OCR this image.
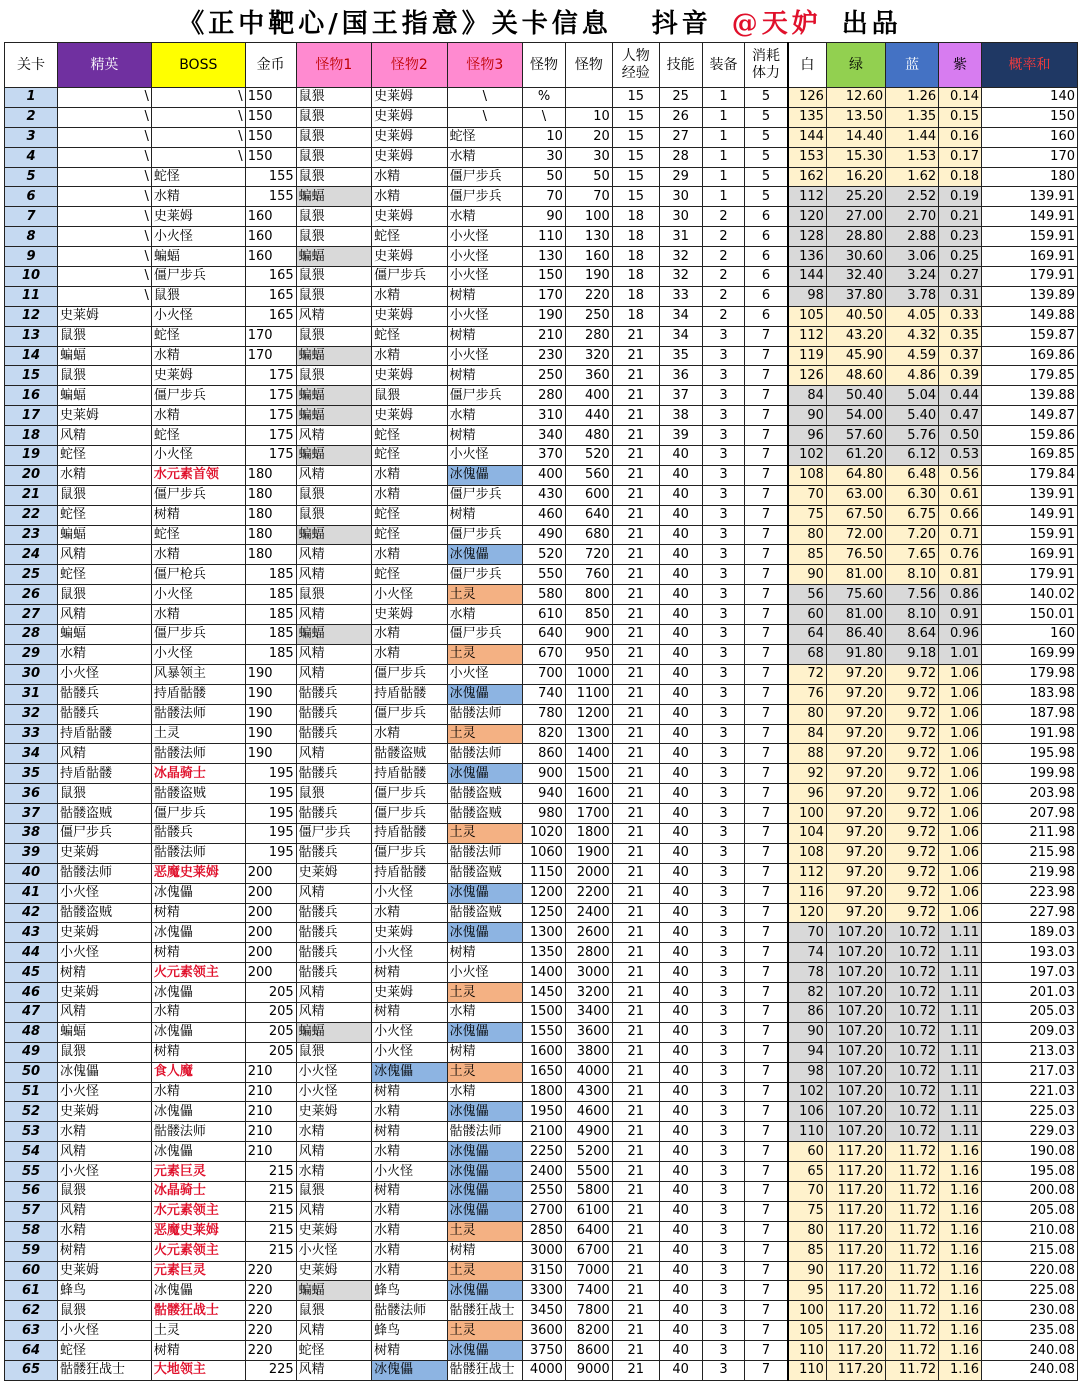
《正中靶心/国王指意》关卡信息 抖音 @天妒 出品
关卡	精英	BOSS	金币	怪物1	怪物2	怪物3	怪物	怪物	人物经验	技能	装备	消耗体力	白	绿	蓝	紫	概率和
1	\	\	150	鼠猥	史莱姆	\	%		15	25	1	5	126	12.60	1.26	0.14	140
2	\	\	150	鼠猥	史莱姆	\	\	10	15	26	1	5	135	13.50	1.35	0.15	150
3	\	\	150	鼠猥	史莱姆	蛇怪	10	20	15	27	1	5	144	14.40	1.44	0.16	160
4	\	\	150	鼠猥	史莱姆	水精	30	30	15	28	1	5	153	15.30	1.53	0.17	170
5	\	蛇怪	155	鼠猥	水精	僵尸步兵	50	50	15	29	1	5	162	16.20	1.62	0.18	180
6	\	水精	155	蝙蝠	水精	僵尸步兵	70	70	15	30	1	5	112	25.20	2.52	0.19	139.91
7	\	史莱姆	160	鼠猥	史莱姆	水精	90	100	18	30	2	6	120	27.00	2.70	0.21	149.91
8	\	小火怪	160	鼠猥	蛇怪	小火怪	110	130	18	31	2	6	128	28.80	2.88	0.23	159.91
9	\	蝙蝠	160	蝙蝠	史莱姆	小火怪	130	160	18	32	2	6	136	30.60	3.06	0.25	169.91
10	\	僵尸步兵	165	鼠猥	僵尸步兵	小火怪	150	190	18	32	2	6	144	32.40	3.24	0.27	179.91
11	\	鼠猥	165	鼠猥	水精	树精	170	220	18	33	2	6	98	37.80	3.78	0.31	139.89
12	史莱姆	小火怪	165	风精	史莱姆	小火怪	190	250	18	34	2	6	105	40.50	4.05	0.33	149.88
13	鼠猥	蛇怪	170	鼠猥	蛇怪	树精	210	280	21	34	3	7	112	43.20	4.32	0.35	159.87
14	蝙蝠	水精	170	蝙蝠	水精	小火怪	230	320	21	35	3	7	119	45.90	4.59	0.37	169.86
15	鼠猥	史莱姆	175	鼠猥	史莱姆	树精	250	360	21	36	3	7	126	48.60	4.86	0.39	179.85
16	蝙蝠	僵尸步兵	175	蝙蝠	鼠猥	僵尸步兵	280	400	21	37	3	7	84	50.40	5.04	0.44	139.88
17	史莱姆	水精	175	蝙蝠	史莱姆	水精	310	440	21	38	3	7	90	54.00	5.40	0.47	149.87
18	风精	蛇怪	175	风精	蛇怪	树精	340	480	21	39	3	7	96	57.60	5.76	0.50	159.86
19	蛇怪	小火怪	175	蝙蝠	蛇怪	小火怪	370	520	21	40	3	7	102	61.20	6.12	0.53	169.85
20	水精	水元素首领	180	风精	水精	冰傀儡	400	560	21	40	3	7	108	64.80	6.48	0.56	179.84
21	鼠猥	僵尸步兵	180	鼠猥	水精	僵尸步兵	430	600	21	40	3	7	70	63.00	6.30	0.61	139.91
22	蛇怪	树精	180	鼠猥	蛇怪	树精	460	640	21	40	3	7	75	67.50	6.75	0.66	149.91
23	蝙蝠	蛇怪	180	蝙蝠	蛇怪	僵尸步兵	490	680	21	40	3	7	80	72.00	7.20	0.71	159.91
24	风精	水精	180	风精	水精	冰傀儡	520	720	21	40	3	7	85	76.50	7.65	0.76	169.91
25	蛇怪	僵尸枪兵	185	风精	蛇怪	僵尸步兵	550	760	21	40	3	7	90	81.00	8.10	0.81	179.91
26	鼠猥	小火怪	185	鼠猥	小火怪	土灵	580	800	21	40	3	7	56	75.60	7.56	0.86	140.02
27	风精	水精	185	风精	史莱姆	水精	610	850	21	40	3	7	60	81.00	8.10	0.91	150.01
28	蝙蝠	僵尸步兵	185	蝙蝠	水精	僵尸步兵	640	900	21	40	3	7	64	86.40	8.64	0.96	160
29	水精	小火怪	185	风精	水精	土灵	670	950	21	40	3	7	68	91.80	9.18	1.01	169.99
30	小火怪	风暴领主	190	风精	僵尸步兵	小火怪	700	1000	21	40	3	7	72	97.20	9.72	1.06	179.98
31	骷髅兵	持盾骷髅	190	骷髅兵	持盾骷髅	冰傀儡	740	1100	21	40	3	7	76	97.20	9.72	1.06	183.98
32	骷髅兵	骷髅法师	190	骷髅兵	僵尸步兵	骷髅法师	780	1200	21	40	3	7	80	97.20	9.72	1.06	187.98
33	持盾骷髅	土灵	190	骷髅兵	水精	土灵	820	1300	21	40	3	7	84	97.20	9.72	1.06	191.98
34	风精	骷髅法师	190	风精	骷髅盗贼	骷髅法师	860	1400	21	40	3	7	88	97.20	9.72	1.06	195.98
35	持盾骷髅	冰晶骑士	195	骷髅兵	持盾骷髅	冰傀儡	900	1500	21	40	3	7	92	97.20	9.72	1.06	199.98
36	鼠猥	骷髅盗贼	195	鼠猥	僵尸步兵	骷髅盗贼	940	1600	21	40	3	7	96	97.20	9.72	1.06	203.98
37	骷髅盗贼	僵尸步兵	195	骷髅兵	僵尸步兵	骷髅盗贼	980	1700	21	40	3	7	100	97.20	9.72	1.06	207.98
38	僵尸步兵	骷髅兵	195	僵尸步兵	持盾骷髅	土灵	1020	1800	21	40	3	7	104	97.20	9.72	1.06	211.98
39	史莱姆	骷髅法师	195	骷髅兵	僵尸步兵	骷髅法师	1060	1900	21	40	3	7	108	97.20	9.72	1.06	215.98
40	骷髅法师	恶魔史莱姆	200	史莱姆	持盾骷髅	骷髅盗贼	1150	2000	21	40	3	7	112	97.20	9.72	1.06	219.98
41	小火怪	冰傀儡	200	风精	小火怪	冰傀儡	1200	2200	21	40	3	7	116	97.20	9.72	1.06	223.98
42	骷髅盗贼	树精	200	骷髅兵	水精	骷髅盗贼	1250	2400	21	40	3	7	120	97.20	9.72	1.06	227.98
43	史莱姆	冰傀儡	200	骷髅兵	史莱姆	冰傀儡	1300	2600	21	40	3	7	70	107.20	10.72	1.11	189.03
44	小火怪	树精	200	骷髅兵	小火怪	树精	1350	2800	21	40	3	7	74	107.20	10.72	1.11	193.03
45	树精	火元素领主	200	骷髅兵	树精	小火怪	1400	3000	21	40	3	7	78	107.20	10.72	1.11	197.03
46	史莱姆	冰傀儡	205	风精	史莱姆	土灵	1450	3200	21	40	3	7	82	107.20	10.72	1.11	201.03
47	风精	水精	205	风精	树精	水精	1500	3400	21	40	3	7	86	107.20	10.72	1.11	205.03
48	蝙蝠	冰傀儡	205	蝙蝠	小火怪	冰傀儡	1550	3600	21	40	3	7	90	107.20	10.72	1.11	209.03
49	鼠猥	树精	205	鼠猥	小火怪	树精	1600	3800	21	40	3	7	94	107.20	10.72	1.11	213.03
50	冰傀儡	食人魔	210	小火怪	冰傀儡	土灵	1650	4000	21	40	3	7	98	107.20	10.72	1.11	217.03
51	小火怪	水精	210	小火怪	树精	水精	1800	4300	21	40	3	7	102	107.20	10.72	1.11	221.03
52	史莱姆	冰傀儡	210	史莱姆	水精	冰傀儡	1950	4600	21	40	3	7	106	107.20	10.72	1.11	225.03
53	水精	骷髅法师	210	水精	树精	骷髅法师	2100	4900	21	40	3	7	110	107.20	10.72	1.11	229.03
54	风精	冰傀儡	210	风精	水精	冰傀儡	2250	5200	21	40	3	7	60	117.20	11.72	1.16	190.08
55	小火怪	元素巨灵	215	水精	小火怪	冰傀儡	2400	5500	21	40	3	7	65	117.20	11.72	1.16	195.08
56	鼠猥	冰晶骑士	215	鼠猥	树精	冰傀儡	2550	5800	21	40	3	7	70	117.20	11.72	1.16	200.08
57	风精	水元素领主	215	风精	水精	冰傀儡	2700	6100	21	40	3	7	75	117.20	11.72	1.16	205.08
58	水精	恶魔史莱姆	215	史莱姆	水精	土灵	2850	6400	21	40	3	7	80	117.20	11.72	1.16	210.08
59	树精	火元素领主	215	小火怪	水精	树精	3000	6700	21	40	3	7	85	117.20	11.72	1.16	215.08
60	史莱姆	元素巨灵	220	史莱姆	水精	土灵	3150	7000	21	40	3	7	90	117.20	11.72	1.16	220.08
61	蜂鸟	冰傀儡	220	蝙蝠	蜂鸟	冰傀儡	3300	7400	21	40	3	7	95	117.20	11.72	1.16	225.08
62	鼠猥	骷髅狂战士	220	鼠猥	骷髅法师	骷髅狂战士	3450	7800	21	40	3	7	100	117.20	11.72	1.16	230.08
63	小火怪	土灵	220	风精	蜂鸟	土灵	3600	8200	21	40	3	7	105	117.20	11.72	1.16	235.08
64	蛇怪	树精	220	蛇怪	树精	冰傀儡	3750	8600	21	40	3	7	110	117.20	11.72	1.16	240.08
65	骷髅狂战士	大地领主	225	风精	冰傀儡	骷髅狂战士	4000	9000	21	40	3	7	110	117.20	11.72	1.16	240.08
